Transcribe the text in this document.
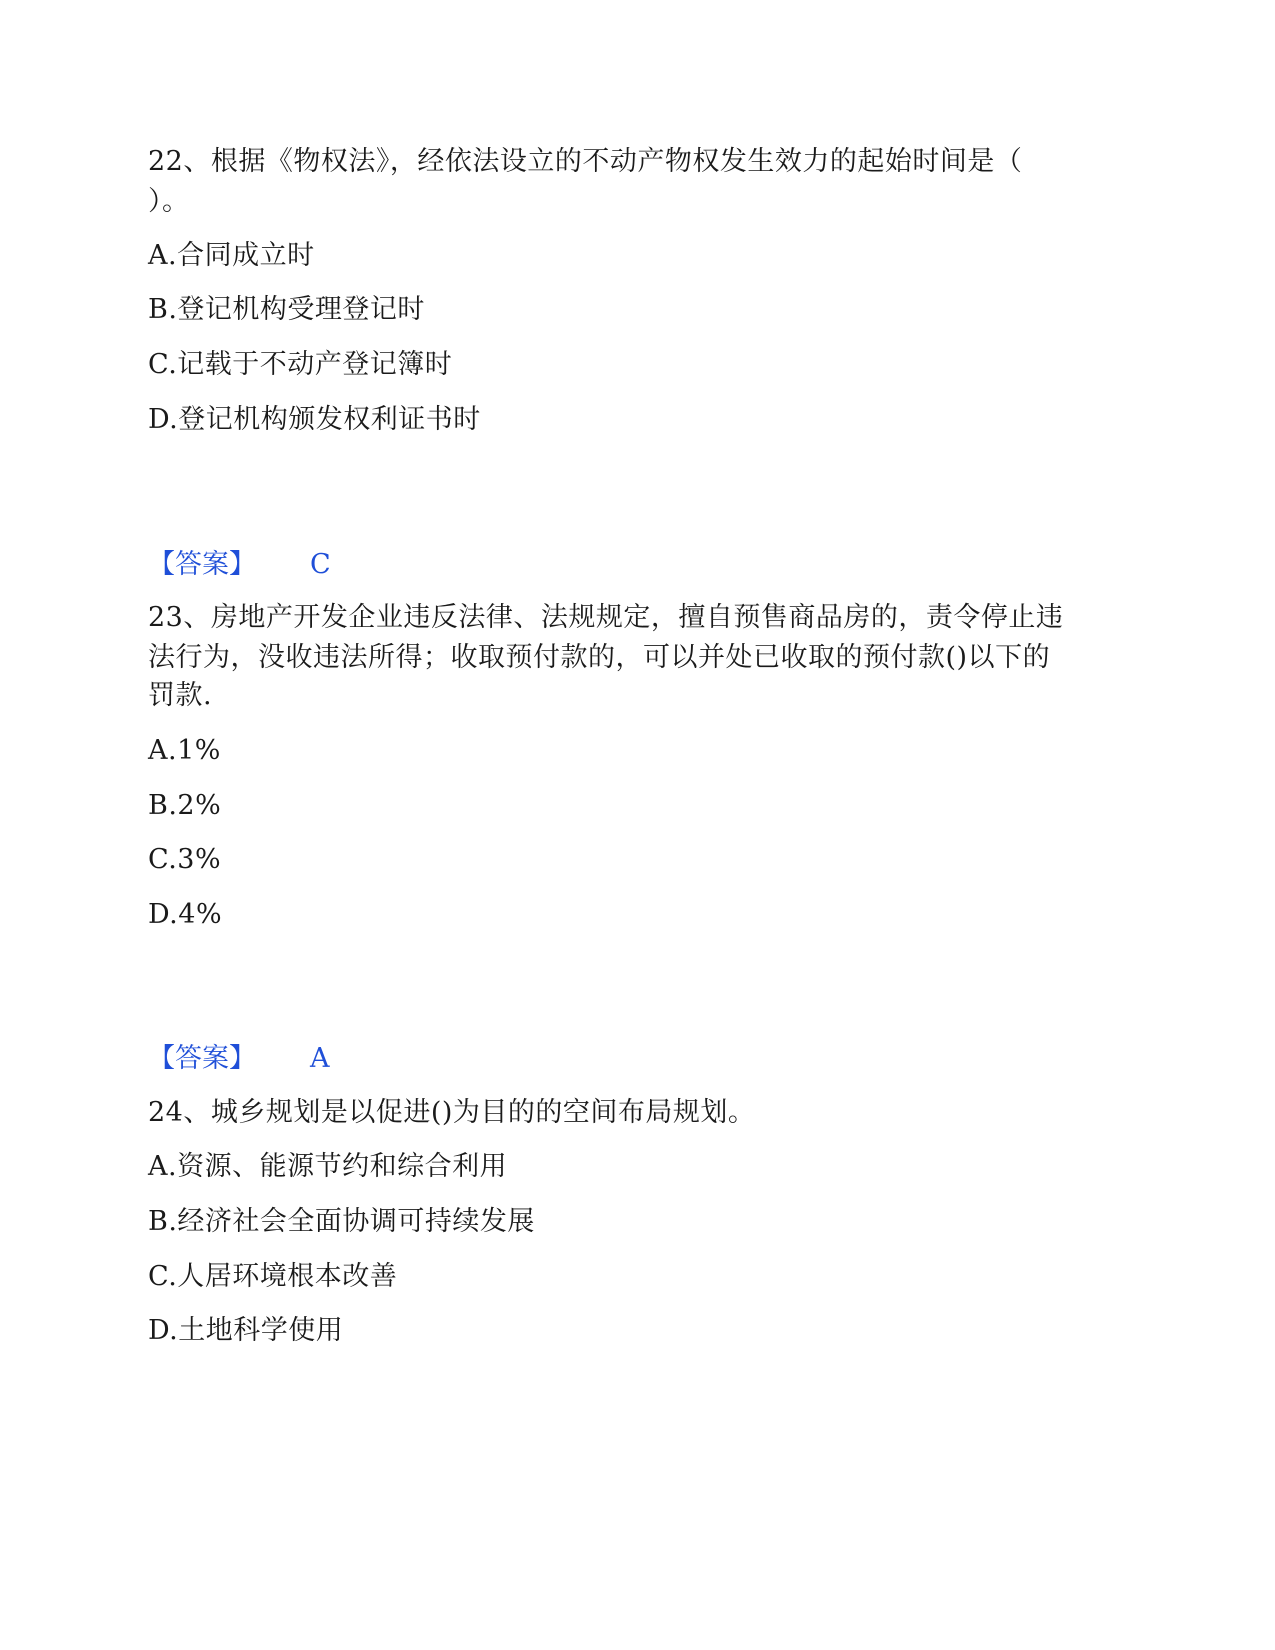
22、根据《物权法》，经依法设立的不动产物权发生效力的起始时间是（
）。
A.合同成立时
B.登记机构受理登记时
C.记载于不动产登记簿时
D.登记机构颁发权利证书时
【答案】 C
23、房地产开发企业违反法律、法规规定，擅自预售商品房的，责令停止违
法行为，没收违法所得；收取预付款的，可以并处已收取的预付款()以下的
罚款.
A.1%
B.2%
C.3%
D.4%
【答案】 A
24、城乡规划是以促进()为目的的空间布局规划。
A.资源、能源节约和综合利用
B.经济社会全面协调可持续发展
C.人居环境根本改善
D.土地科学使用
